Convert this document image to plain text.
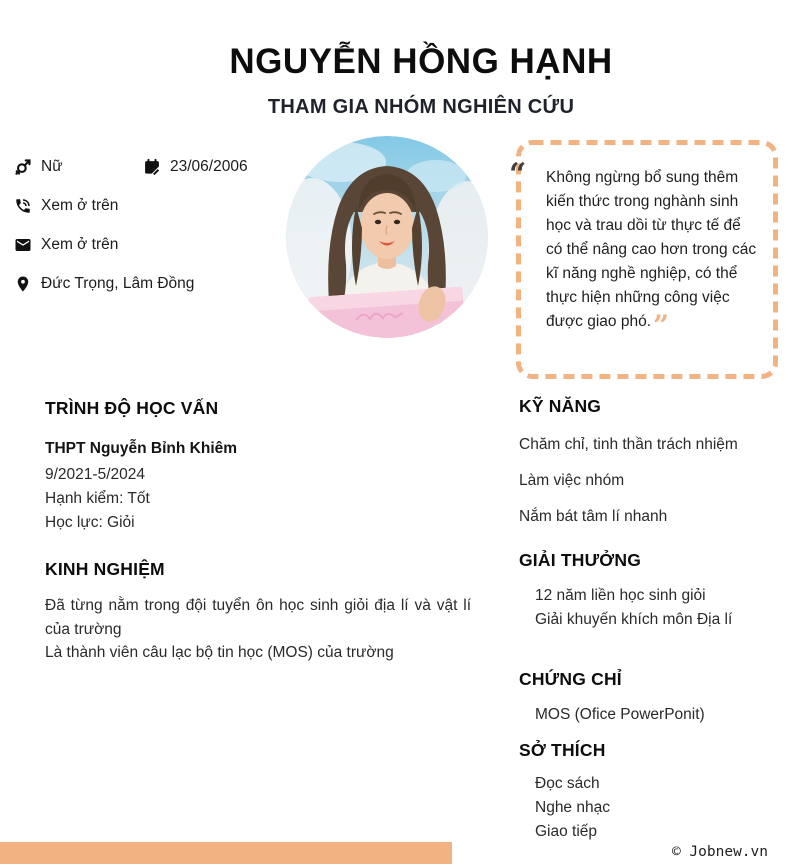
NGUYỄN HỒNG HẠNH
THAM GIA NHÓM NGHIÊN CỨU
Nữ	23/06/2006
Xem ở trên
Xem ở trên
Đức Trọng, Lâm Đồng
“ Không ngừng bổ sung thêm kiến thức trong nghành sinh học và trau dồi từ thực tế để có thể nâng cao hơn trong các kĩ năng nghề nghiệp, có thể thực hiện những công việc được giao phó.”

TRÌNH ĐỘ HỌC VẤN
THPT Nguyễn Bỉnh Khiêm
9/2021-5/2024
Hạnh kiểm: Tốt
Học lực: Giỏi
KINH NGHIỆM

Đã từng nằm trong đội tuyển ôn học sinh giỏi địa lí và vật lí của trường

Là thành viên câu lạc bộ tin học (MOS) của trường

KỸ NĂNG
Chăm chỉ, tinh thần trách nhiệm
Làm việc nhóm
Nắm bát tâm lí nhanh
GIẢI THƯỞNG
12 năm liền học sinh giỏi
Giải khuyến khích môn Địa lí
CHỨNG CHỈ
MOS (Ofice PowerPonit)
SỞ THÍCH
Đọc sách
Nghe nhạc
Giao tiếp
© Jobnew.vn
